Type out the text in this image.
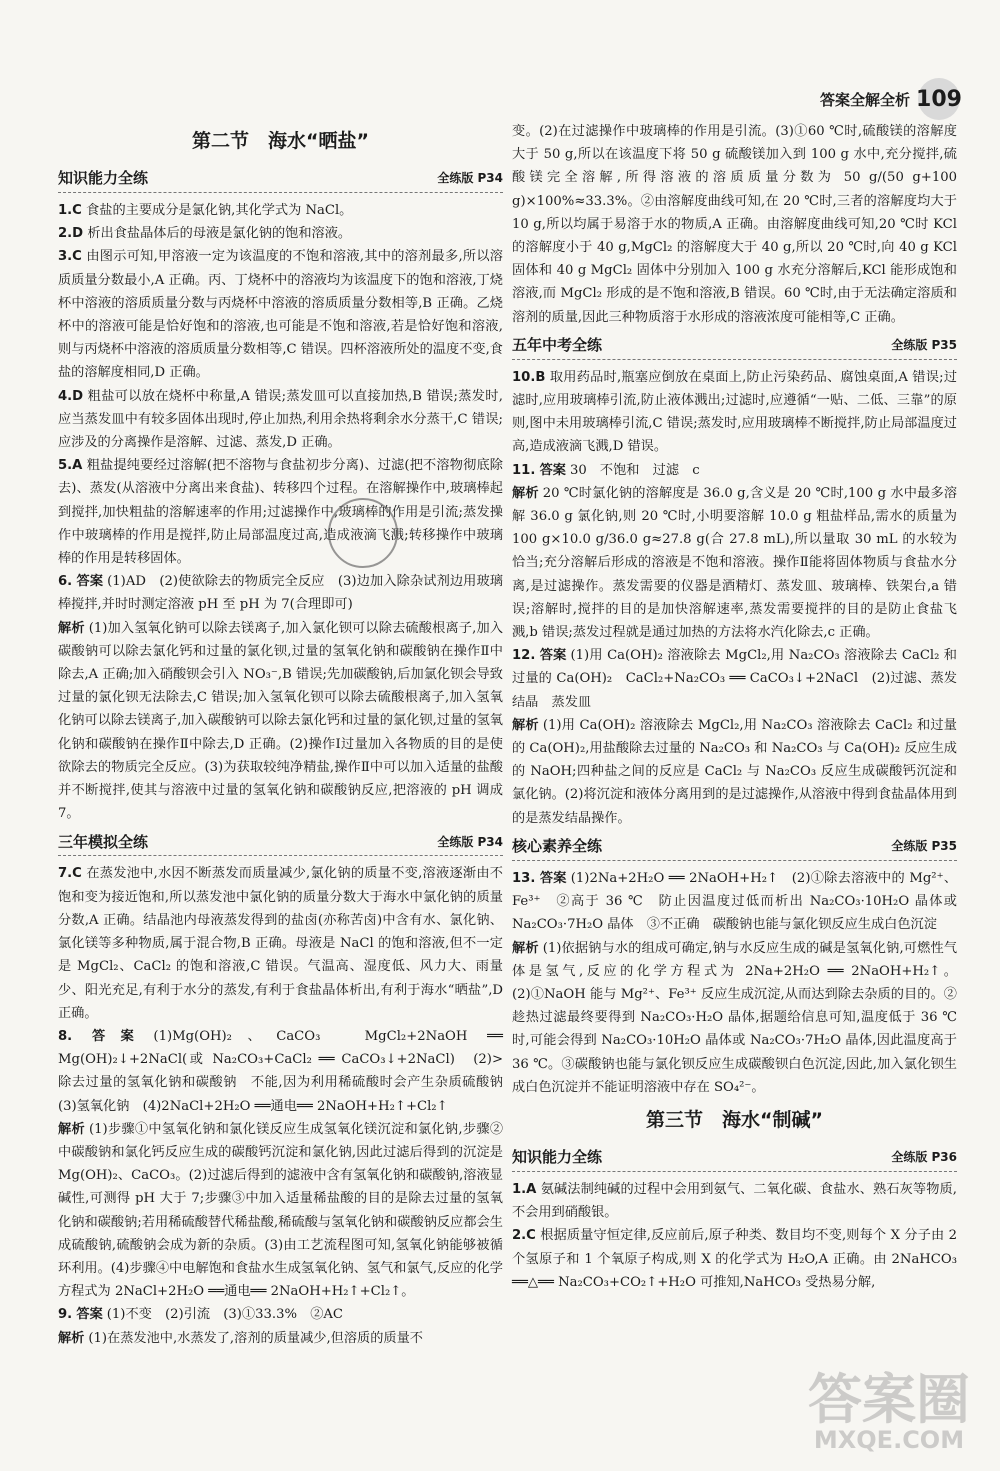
答案全解全析 109
第二节　海水“晒盐”
知识能力全练	全练版 P34

1.C 食盐的主要成分是氯化钠,其化学式为 NaCl。

2.D 析出食盐晶体后的母液是氯化钠的饱和溶液。

3.C 由图示可知,甲溶液一定为该温度的不饱和溶液,其中的溶剂最多,所以溶质质量分数最小,A 正确。丙、丁烧杯中的溶液均为该温度下的饱和溶液,丁烧杯中溶液的溶质质量分数与丙烧杯中溶液的溶质质量分数相等,B 正确。乙烧杯中的溶液可能是恰好饱和的溶液,也可能是不饱和溶液,若是恰好饱和溶液,则与丙烧杯中溶液的溶质质量分数相等,C 错误。四杯溶液所处的温度不变,食盐的溶解度相同,D 正确。

4.D 粗盐可以放在烧杯中称量,A 错误;蒸发皿可以直接加热,B 错误;蒸发时,应当蒸发皿中有较多固体出现时,停止加热,利用余热将剩余水分蒸干,C 错误;应涉及的分离操作是溶解、过滤、蒸发,D 正确。

5.A 粗盐提纯要经过溶解(把不溶物与食盐初步分离)、过滤(把不溶物彻底除去)、蒸发(从溶液中分离出来食盐)、转移四个过程。在溶解操作中,玻璃棒起到搅拌,加快粗盐的溶解速率的作用;过滤操作中,玻璃棒的作用是引流;蒸发操作中玻璃棒的作用是搅拌,防止局部温度过高,造成液滴飞溅;转移操作中玻璃棒的作用是转移固体。

6. 答案 (1)AD　(2)使欲除去的物质完全反应　(3)边加入除杂试剂边用玻璃棒搅拌,并时时测定溶液 pH 至 pH 为 7(合理即可)

解析 (1)加入氢氧化钠可以除去镁离子,加入氯化钡可以除去硫酸根离子,加入碳酸钠可以除去氯化钙和过量的氯化钡,过量的氢氧化钠和碳酸钠在操作Ⅱ中除去,A 正确;加入硝酸钡会引入 NO₃⁻,B 错误;先加碳酸钠,后加氯化钡会导致过量的氯化钡无法除去,C 错误;加入氢氧化钡可以除去硫酸根离子,加入氢氧化钠可以除去镁离子,加入碳酸钠可以除去氯化钙和过量的氯化钡,过量的氢氧化钠和碳酸钠在操作Ⅱ中除去,D 正确。(2)操作Ⅰ过量加入各物质的目的是使欲除去的物质完全反应。(3)为获取较纯净精盐,操作Ⅱ中可以加入适量的盐酸并不断搅拌,使其与溶液中过量的氢氧化钠和碳酸钠反应,把溶液的 pH 调成 7。

三年模拟全练	全练版 P34

7.C 在蒸发池中,水因不断蒸发而质量减少,氯化钠的质量不变,溶液逐渐由不饱和变为接近饱和,所以蒸发池中氯化钠的质量分数大于海水中氯化钠的质量分数,A 正确。结晶池内母液蒸发得到的盐卤(亦称苦卤)中含有水、氯化钠、氯化镁等多种物质,属于混合物,B 正确。母液是 NaCl 的饱和溶液,但不一定是 MgCl₂、CaCl₂ 的饱和溶液,C 错误。气温高、湿度低、风力大、雨量少、阳光充足,有利于水分的蒸发,有利于食盐晶体析出,有利于海水“晒盐”,D 正确。

8. 答案 (1)Mg(OH)₂、CaCO₃　MgCl₂+2NaOH ══ Mg(OH)₂↓+2NaCl(或 Na₂CO₃+CaCl₂ ══ CaCO₃↓+2NaCl)　(2)>　除去过量的氢氧化钠和碳酸钠　不能,因为利用稀硫酸时会产生杂质硫酸钠　(3)氢氧化钠　(4)2NaCl+2H₂O ══通电══ 2NaOH+H₂↑+Cl₂↑

解析 (1)步骤①中氢氧化钠和氯化镁反应生成氢氧化镁沉淀和氯化钠,步骤②中碳酸钠和氯化钙反应生成的碳酸钙沉淀和氯化钠,因此过滤后得到的沉淀是 Mg(OH)₂、CaCO₃。(2)过滤后得到的滤液中含有氢氧化钠和碳酸钠,溶液显碱性,可测得 pH 大于 7;步骤③中加入适量稀盐酸的目的是除去过量的氢氧化钠和碳酸钠;若用稀硫酸替代稀盐酸,稀硫酸与氢氧化钠和碳酸钠反应都会生成硫酸钠,硫酸钠会成为新的杂质。(3)由工艺流程图可知,氢氧化钠能够被循环利用。(4)步骤④中电解饱和食盐水生成氢氧化钠、氢气和氯气,反应的化学方程式为 2NaCl+2H₂O ══通电══ 2NaOH+H₂↑+Cl₂↑。

9. 答案 (1)不变　(2)引流　(3)①33.3%　②AC

解析 (1)在蒸发池中,水蒸发了,溶剂的质量减少,但溶质的质量不

变。(2)在过滤操作中玻璃棒的作用是引流。(3)①60 ℃时,硫酸镁的溶解度大于 50 g,所以在该温度下将 50 g 硫酸镁加入到 100 g 水中,充分搅拌,硫酸镁完全溶解,所得溶液的溶质质量分数为 50 g/(50 g+100 g)×100%≈33.3%。②由溶解度曲线可知,在 20 ℃时,三者的溶解度均大于 10 g,所以均属于易溶于水的物质,A 正确。由溶解度曲线可知,20 ℃时 KCl 的溶解度小于 40 g,MgCl₂ 的溶解度大于 40 g,所以 20 ℃时,向 40 g KCl 固体和 40 g MgCl₂ 固体中分别加入 100 g 水充分溶解后,KCl 能形成饱和溶液,而 MgCl₂ 形成的是不饱和溶液,B 错误。60 ℃时,由于无法确定溶质和溶剂的质量,因此三种物质溶于水形成的溶液浓度可能相等,C 正确。

五年中考全练	全练版 P35

10.B 取用药品时,瓶塞应倒放在桌面上,防止污染药品、腐蚀桌面,A 错误;过滤时,应用玻璃棒引流,防止液体溅出;过滤时,应遵循“一贴、二低、三靠”的原则,图中未用玻璃棒引流,C 错误;蒸发时,应用玻璃棒不断搅拌,防止局部温度过高,造成液滴飞溅,D 错误。

11. 答案 30　不饱和　过滤　c

解析 20 ℃时氯化钠的溶解度是 36.0 g,含义是 20 ℃时,100 g 水中最多溶解 36.0 g 氯化钠,则 20 ℃时,小明要溶解 10.0 g 粗盐样品,需水的质量为 100 g×10.0 g/36.0 g≈27.8 g(合 27.8 mL),所以量取 30 mL 的水较为恰当;充分溶解后形成的溶液是不饱和溶液。操作Ⅱ能将固体物质与食盐水分离,是过滤操作。蒸发需要的仪器是酒精灯、蒸发皿、玻璃棒、铁架台,a 错误;溶解时,搅拌的目的是加快溶解速率,蒸发需要搅拌的目的是防止食盐飞溅,b 错误;蒸发过程就是通过加热的方法将水汽化除去,c 正确。

12. 答案 (1)用 Ca(OH)₂ 溶液除去 MgCl₂,用 Na₂CO₃ 溶液除去 CaCl₂ 和过量的 Ca(OH)₂　CaCl₂+Na₂CO₃ ══ CaCO₃↓+2NaCl　(2)过滤、蒸发结晶　蒸发皿

解析 (1)用 Ca(OH)₂ 溶液除去 MgCl₂,用 Na₂CO₃ 溶液除去 CaCl₂ 和过量的 Ca(OH)₂,用盐酸除去过量的 Na₂CO₃ 和 Na₂CO₃ 与 Ca(OH)₂ 反应生成的 NaOH;四种盐之间的反应是 CaCl₂ 与 Na₂CO₃ 反应生成碳酸钙沉淀和氯化钠。(2)将沉淀和液体分离用到的是过滤操作,从溶液中得到食盐晶体用到的是蒸发结晶操作。

核心素养全练	全练版 P35

13. 答案 (1)2Na+2H₂O ══ 2NaOH+H₂↑　(2)①除去溶液中的 Mg²⁺、Fe³⁺　②高于 36 ℃　防止因温度过低而析出 Na₂CO₃·10H₂O 晶体或 Na₂CO₃·7H₂O 晶体　③不正确　碳酸钠也能与氯化钡反应生成白色沉淀

解析 (1)依据钠与水的组成可确定,钠与水反应生成的碱是氢氧化钠,可燃性气体是氢气,反应的化学方程式为 2Na+2H₂O ══ 2NaOH+H₂↑。(2)①NaOH 能与 Mg²⁺、Fe³⁺ 反应生成沉淀,从而达到除去杂质的目的。②趁热过滤最终要得到 Na₂CO₃·H₂O 晶体,据题给信息可知,温度低于 36 ℃时,可能会得到 Na₂CO₃·10H₂O 晶体或 Na₂CO₃·7H₂O 晶体,因此温度高于 36 ℃。③碳酸钠也能与氯化钡反应生成碳酸钡白色沉淀,因此,加入氯化钡生成白色沉淀并不能证明溶液中存在 SO₄²⁻。

第三节　海水“制碱”
知识能力全练	全练版 P36

1.A 氨碱法制纯碱的过程中会用到氨气、二氧化碳、食盐水、熟石灰等物质,不会用到硝酸银。

2.C 根据质量守恒定律,反应前后,原子种类、数目均不变,则每个 X 分子由 2 个氢原子和 1 个氧原子构成,则 X 的化学式为 H₂O,A 正确。由 2NaHCO₃ ══△══ Na₂CO₃+CO₂↑+H₂O 可推知,NaHCO₃ 受热易分解,

答案圈
MXQE.COM
